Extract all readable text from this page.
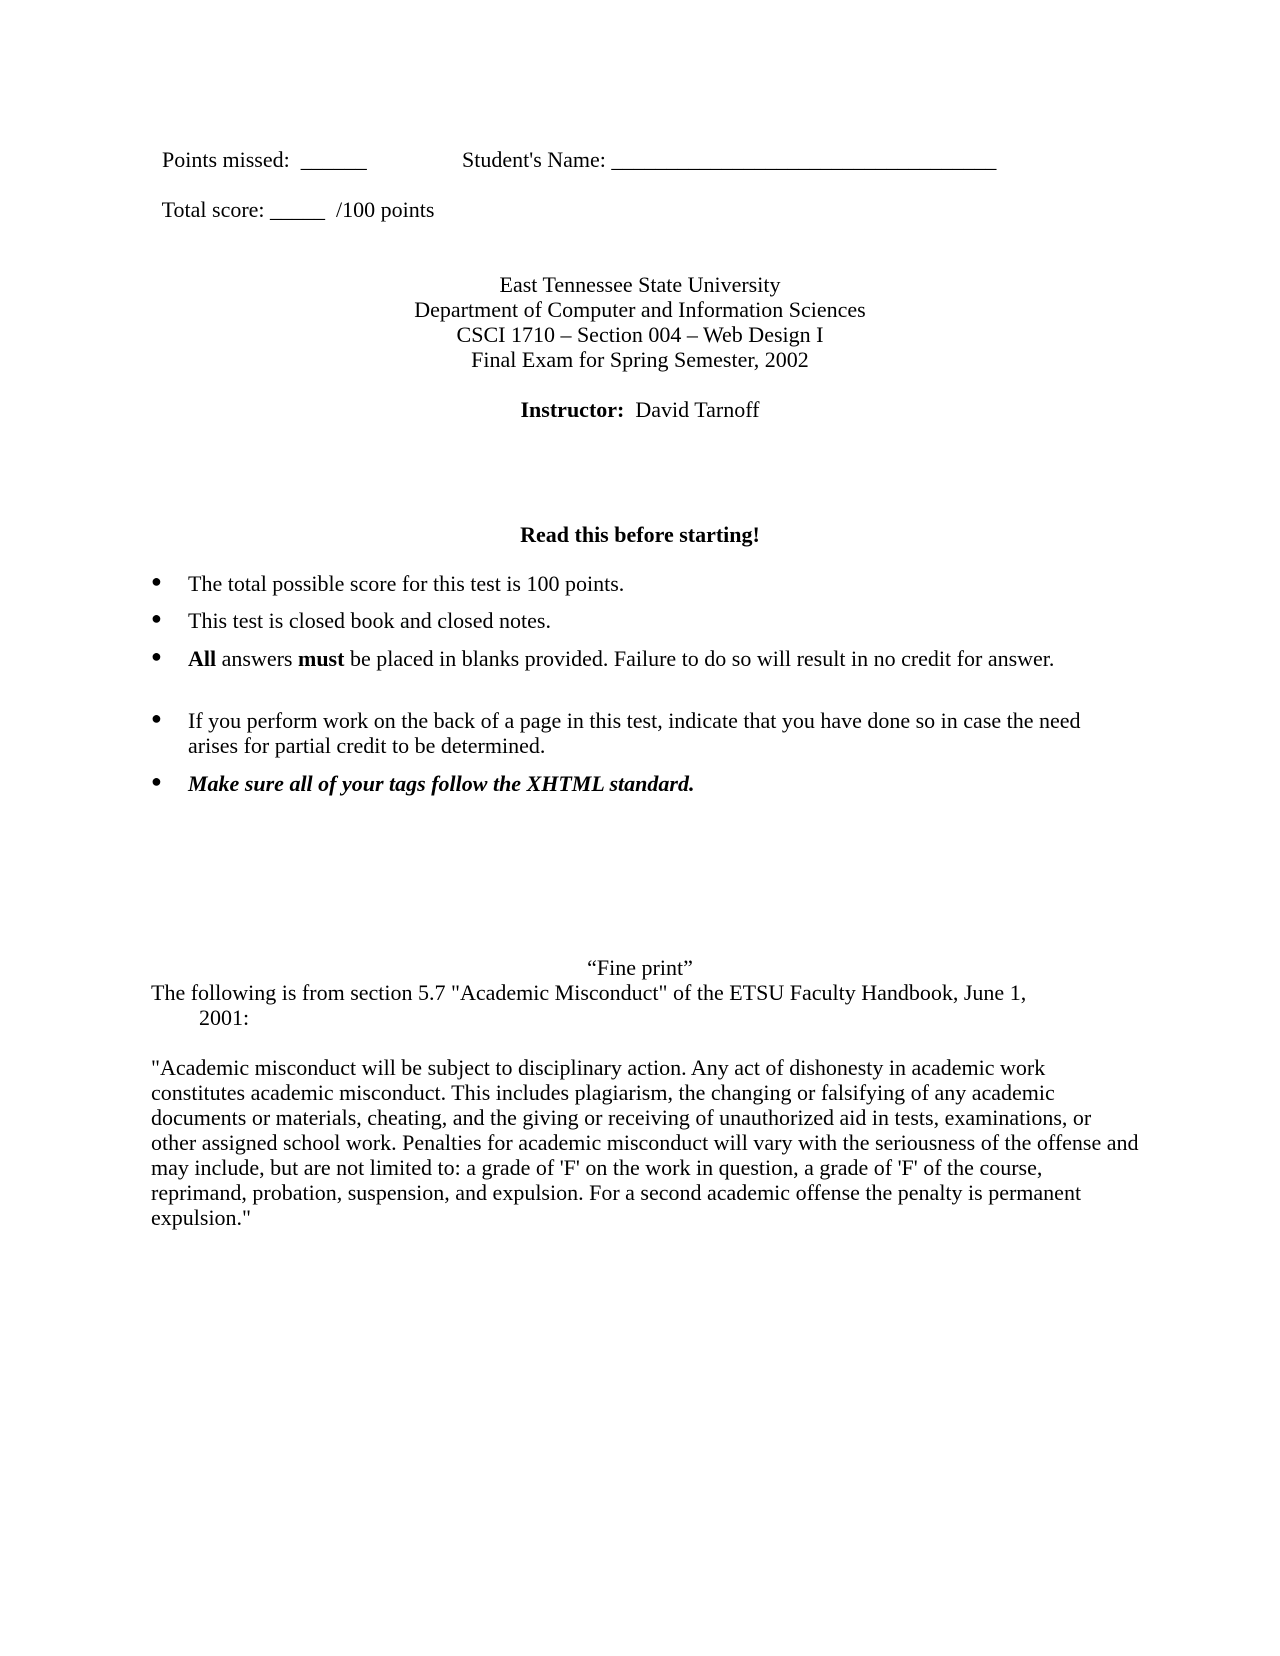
Points missed: ______	Student's Name: ___________________________________

Total score: _____ /100 points

East Tennessee State University
Department of Computer and Information Sciences
CSCI 1710 – Section 004 – Web Design I
Final Exam for Spring Semester, 2002
Instructor: David Tarnoff
Read this before starting!
● The total possible score for this test is 100 points.
● This test is closed book and closed notes.
● All answers must be placed in blanks provided. Failure to do so will result in no credit for answer.
● If you perform work on the back of a page in this test, indicate that you have done so in case the need arises for partial credit to be determined.
● Make sure all of your tags follow the XHTML standard.
“Fine print”
The following is from section 5.7 "Academic Misconduct" of the ETSU Faculty Handbook, June 1,
2001:
"Academic misconduct will be subject to disciplinary action. Any act of dishonesty in academic work constitutes academic misconduct. This includes plagiarism, the changing or falsifying of any academic documents or materials, cheating, and the giving or receiving of unauthorized aid in tests, examinations, or other assigned school work. Penalties for academic misconduct will vary with the seriousness of the offense and may include, but are not limited to: a grade of 'F' on the work in question, a grade of 'F' of the course, reprimand, probation, suspension, and expulsion. For a second academic offense the penalty is permanent expulsion."
